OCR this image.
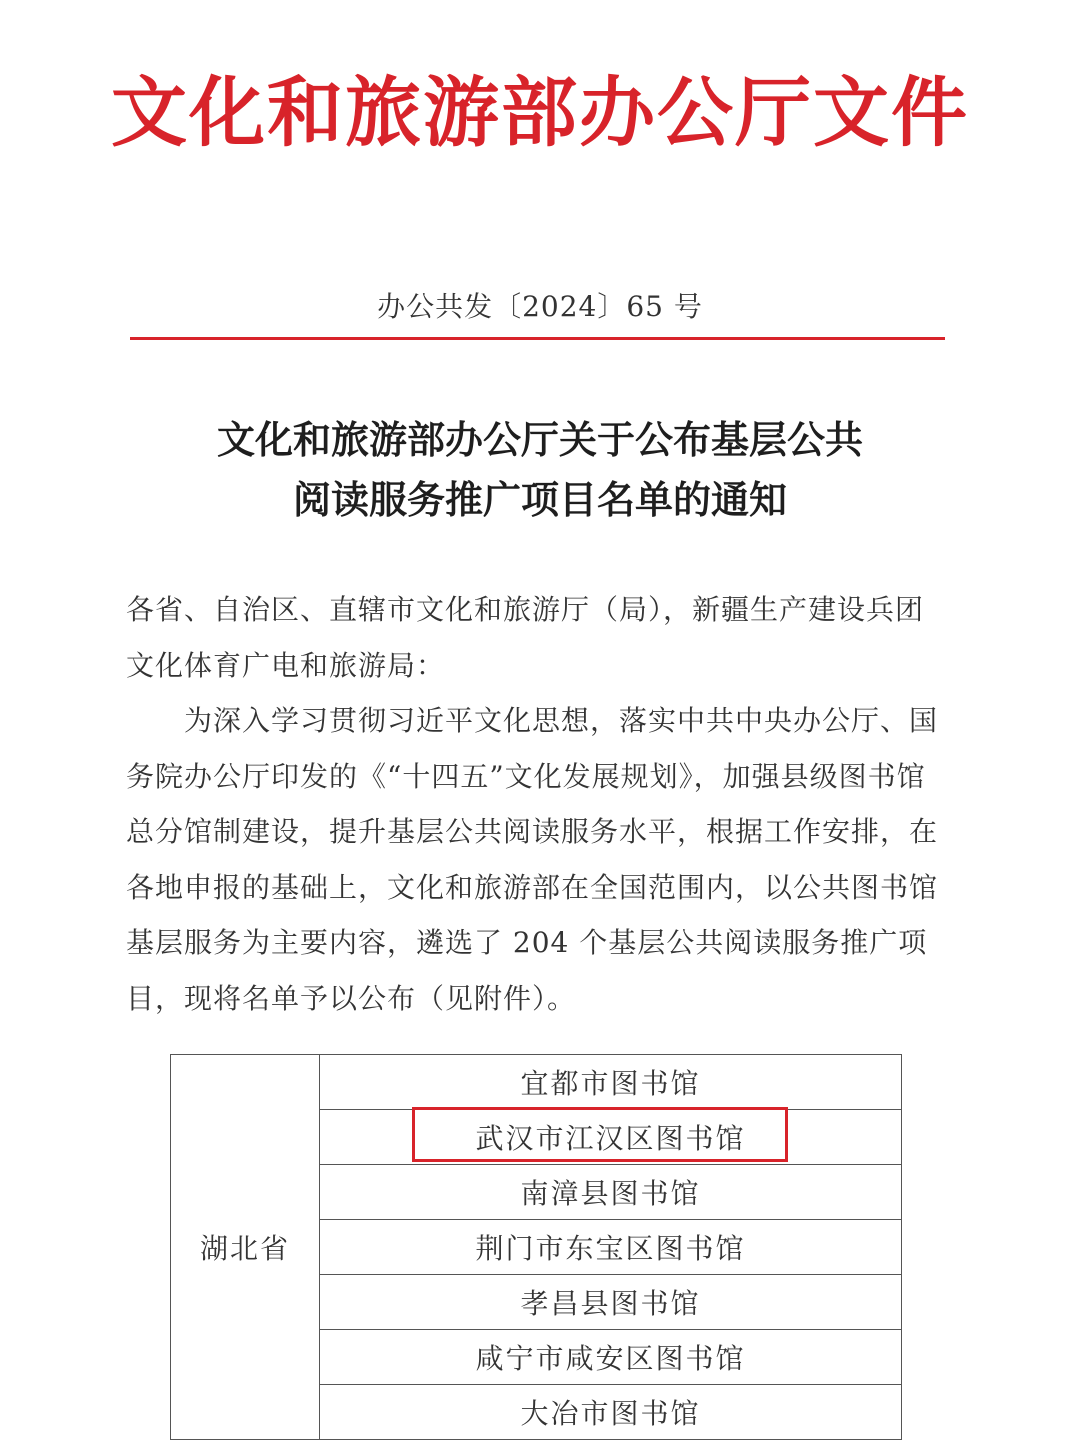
文化和旅游部办公厅文件
办公共发〔2024〕65 号
文化和旅游部办公厅关于公布基层公共
阅读服务推广项目名单的通知
各省、自治区、直辖市文化和旅游厅（局），新疆生产建设兵团文化体育广电和旅游局：
为深入学习贯彻习近平文化思想，落实中共中央办公厅、国务院办公厅印发的《“十四五”文化发展规划》，加强县级图书馆总分馆制建设，提升基层公共阅读服务水平，根据工作安排，在各地申报的基础上，文化和旅游部在全国范围内，以公共图书馆基层服务为主要内容，遴选了 204 个基层公共阅读服务推广项目，现将名单予以公布（见附件）。
湖北省	宜都市图书馆
武汉市江汉区图书馆
南漳县图书馆
荆门市东宝区图书馆
孝昌县图书馆
咸宁市咸安区图书馆
大冶市图书馆
